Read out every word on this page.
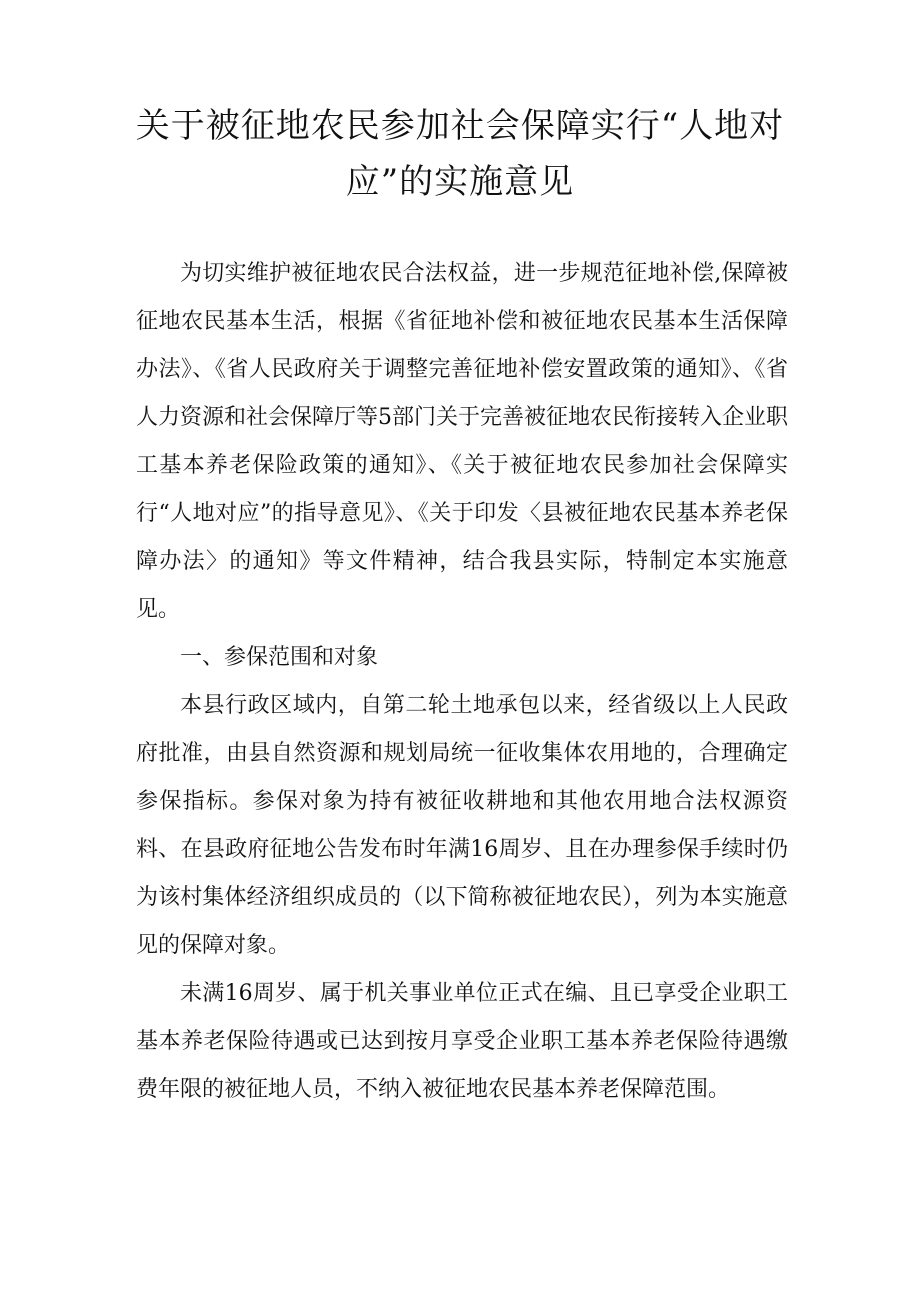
关于被征地农民参加社会保障实行“人地对
应”的实施意见

为切实维护被征地农民合法权益，进一步规范征地补偿,保障被征地农民基本生活，根据《省征地补偿和被征地农民基本生活保障办法》、《省人民政府关于调整完善征地补偿安置政策的通知》、《省人力资源和社会保障厅等5部门关于完善被征地农民衔接转入企业职工基本养老保险政策的通知》、《关于被征地农民参加社会保障实行“人地对应”的指导意见》、《关于印发〈县被征地农民基本养老保障办法〉的通知》等文件精神，结合我县实际，特制定本实施意见。

一、参保范围和对象

本县行政区域内，自第二轮土地承包以来，经省级以上人民政府批准，由县自然资源和规划局统一征收集体农用地的，合理确定参保指标。参保对象为持有被征收耕地和其他农用地合法权源资料、在县政府征地公告发布时年满16周岁、且在办理参保手续时仍为该村集体经济组织成员的（以下简称被征地农民），列为本实施意见的保障对象。

未满16周岁、属于机关事业单位正式在编、且已享受企业职工基本养老保险待遇或已达到按月享受企业职工基本养老保险待遇缴费年限的被征地人员，不纳入被征地农民基本养老保障范围。
